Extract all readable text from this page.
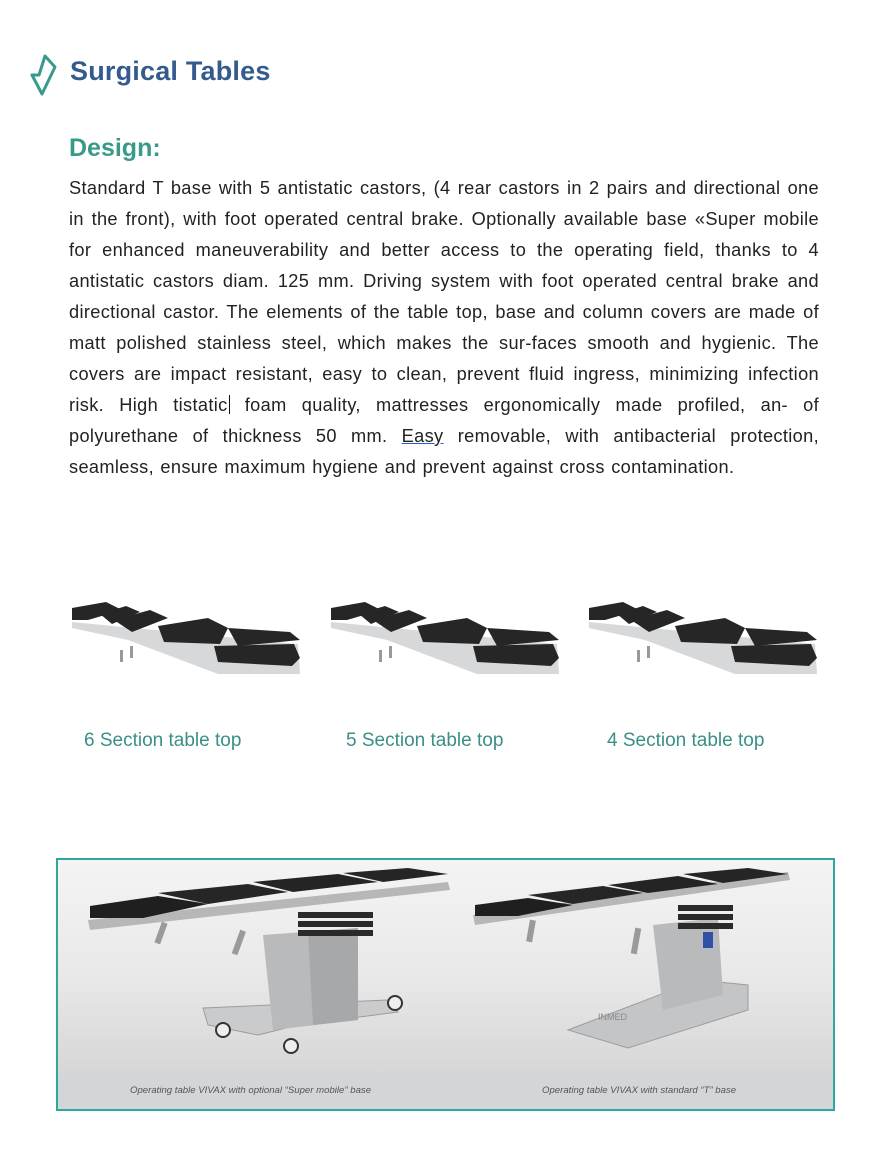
Surgical Tables
Design:
Standard T base with 5 antistatic castors, (4 rear castors in 2 pairs and directional one in the front), with foot operated central brake. Optionally available base «Super mobile for enhanced maneuverability and better access to the operating field, thanks to 4 antistatic castors diam. 125 mm. Driving system with foot operated central brake and directional castor. The elements of the table top, base and column covers are made of matt polished stainless steel, which makes the sur-faces smooth and hygienic. The covers are impact resistant, easy to clean, prevent fluid ingress, minimizing infection risk. High tistatic foam quality, mattresses ergonomically made profiled, an- of polyurethane of thickness 50 mm. Easy removable, with antibacterial protection, seamless, ensure maximum hygiene and prevent against cross contamination.
6 Section table top	5 Section table top	4 Section table top
INMED
Operating table VIVAX with optional “Super mobile” base	Operating table VIVAX with standard “T” base
